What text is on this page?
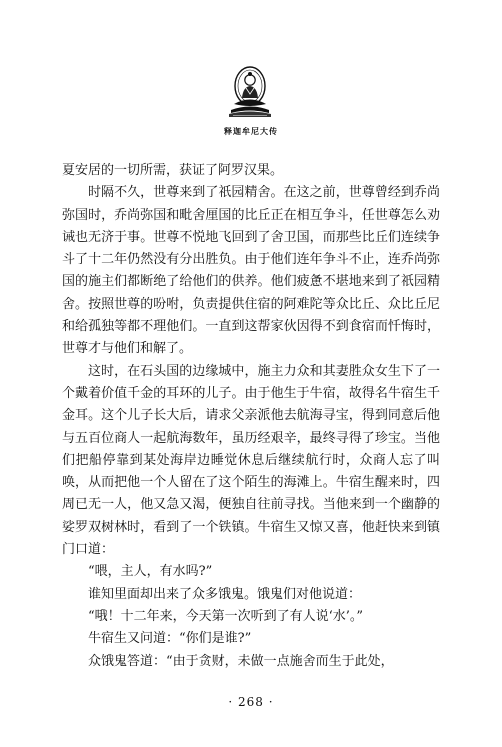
释迦牟尼大传

夏安居的一切所需，获证了阿罗汉果。

时隔不久，世尊来到了祇园精舍。在这之前，世尊曾经到乔尚弥国时，乔尚弥国和毗舍厘国的比丘正在相互争斗，任世尊怎么劝诫也无济于事。世尊不悦地飞回到了舍卫国，而那些比丘们连续争斗了十二年仍然没有分出胜负。由于他们连年争斗不止，连乔尚弥国的施主们都断绝了给他们的供养。他们疲惫不堪地来到了祇园精舍。按照世尊的吩咐，负责提供住宿的阿难陀等众比丘、众比丘尼和给孤独等都不理他们。一直到这帮家伙因得不到食宿而忏悔时，世尊才与他们和解了。

这时，在石头国的边缘城中，施主力众和其妻胜众女生下了一个戴着价值千金的耳环的儿子。由于他生于牛宿，故得名牛宿生千金耳。这个儿子长大后，请求父亲派他去航海寻宝，得到同意后他与五百位商人一起航海数年，虽历经艰辛，最终寻得了珍宝。当他们把船停靠到某处海岸边睡觉休息后继续航行时，众商人忘了叫唤，从而把他一个人留在了这个陌生的海滩上。牛宿生醒来时，四周已无一人，他又急又渴，便独自往前寻找。当他来到一个幽静的娑罗双树林时，看到了一个铁镇。牛宿生又惊又喜，他赶快来到镇门口道：

“喂，主人，有水吗?”

谁知里面却出来了众多饿鬼。饿鬼们对他说道：

“哦！十二年来，今天第一次听到了有人说‘水’。”

牛宿生又问道：“你们是谁?”

众饿鬼答道：“由于贪财，未做一点施舍而生于此处，

· 268 ·
